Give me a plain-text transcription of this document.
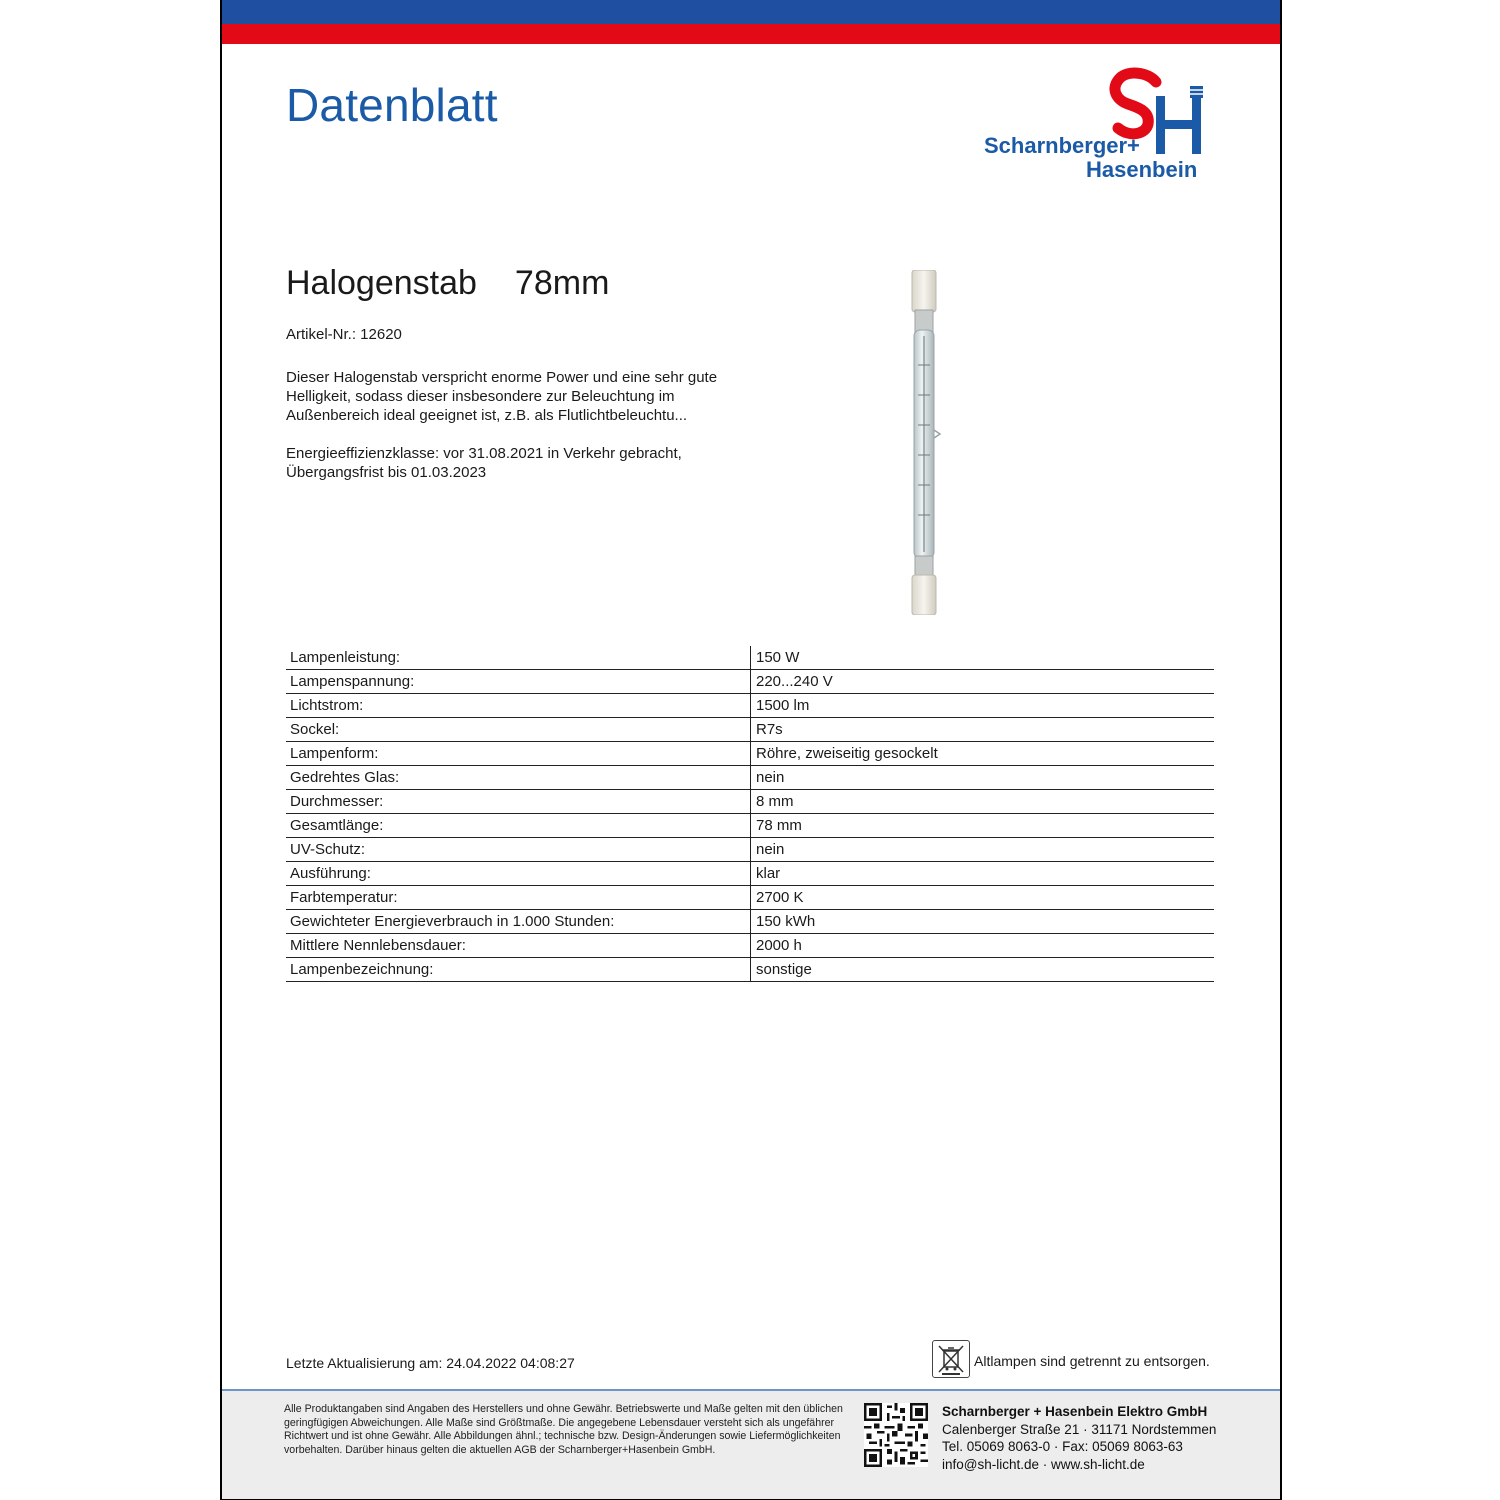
Datenblatt
Scharnberger+
Hasenbein
Halogenstab 78mm
Artikel-Nr.: 12620
Dieser Halogenstab verspricht enorme Power und eine sehr gute Helligkeit, sodass dieser insbesondere zur Beleuchtung im Außenbereich ideal geeignet ist, z.B. als Flutlichtbeleuchtu...
Energieeffizienzklasse: vor 31.08.2021 in Verkehr gebracht,
Übergangsfrist bis 01.03.2023
Lampenleistung:	150 W
Lampenspannung:	220...240 V
Lichtstrom:	1500 lm
Sockel:	R7s
Lampenform:	Röhre, zweiseitig gesockelt
Gedrehtes Glas:	nein
Durchmesser:	8 mm
Gesamtlänge:	78 mm
UV-Schutz:	nein
Ausführung:	klar
Farbtemperatur:	2700 K
Gewichteter Energieverbrauch in 1.000 Stunden:	150 kWh
Mittlere Nennlebensdauer:	2000 h
Lampenbezeichnung:	sonstige
Letzte Aktualisierung am: 24.04.2022 04:08:27	Altlampen sind getrennt zu entsorgen.
Alle Produktangaben sind Angaben des Herstellers und ohne Gewähr. Betriebswerte und Maße gelten mit den üblichen geringfügigen Abweichungen. Alle Maße sind Größtmaße. Die angegebene Lebensdauer versteht sich als ungefährer Richtwert und ist ohne Gewähr. Alle Abbildungen ähnl.; technische bzw. Design-Änderungen sowie Liefermöglichkeiten vorbehalten. Darüber hinaus gelten die aktuellen AGB der Scharnberger+Hasenbein GmbH.
Scharnberger + Hasenbein Elektro GmbH
Calenberger Straße 21 · 31171 Nordstemmen
Tel. 05069 8063-0 · Fax: 05069 8063-63
info@sh-licht.de · www.sh-licht.de
